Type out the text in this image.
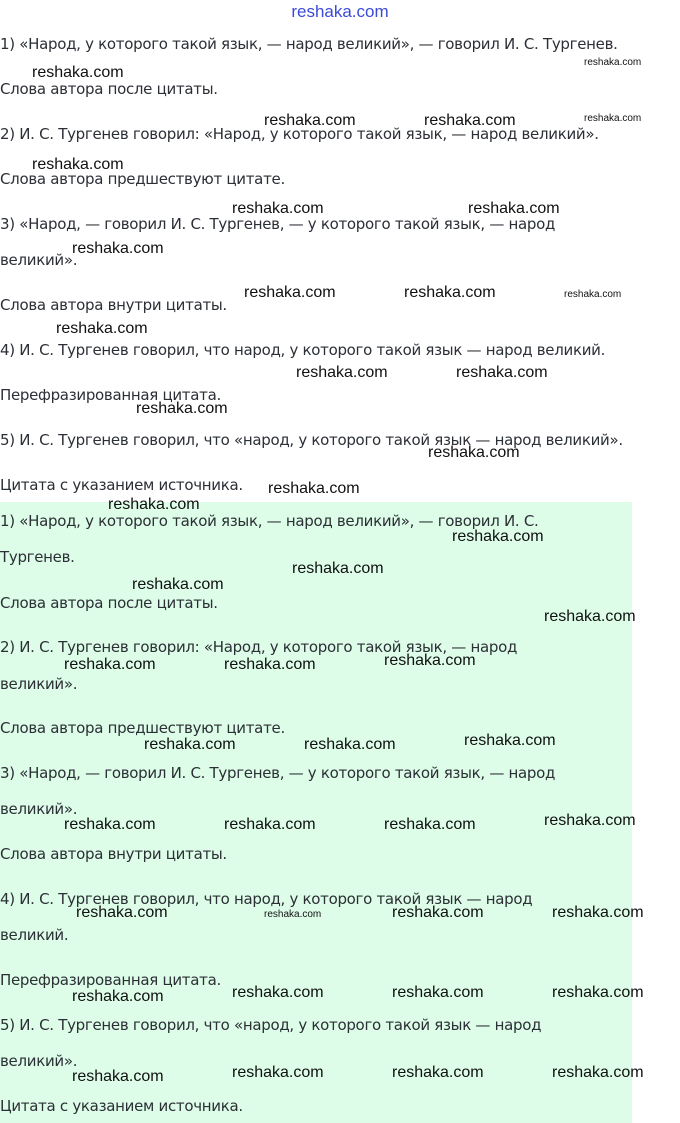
reshaka.com
1) «Народ, у которого такой язык, — народ великий», — говорил И. С. Тургенев.
Слова автора после цитаты.
2) И. С. Тургенев говорил: «Народ, у которого такой язык, — народ великий».
Слова автора предшествуют цитате.
3) «Народ, — говорил И. С. Тургенев, — у которого такой язык, — народ
великий».
Слова автора внутри цитаты.
4) И. С. Тургенев говорил, что народ, у которого такой язык — народ великий.
Перефразированная цитата.
5) И. С. Тургенев говорил, что «народ, у которого такой язык — народ великий».
Цитата с указанием источника.
1) «Народ, у которого такой язык, — народ великий», — говорил И. С.
Тургенев.
Слова автора после цитаты.
2) И. С. Тургенев говорил: «Народ, у которого такой язык, — народ
великий».
Слова автора предшествуют цитате.
3) «Народ, — говорил И. С. Тургенев, — у которого такой язык, — народ
великий».
Слова автора внутри цитаты.
4) И. С. Тургенев говорил, что народ, у которого такой язык — народ
великий.
Перефразированная цитата.
5) И. С. Тургенев говорил, что «народ, у которого такой язык — народ
великий».
Цитата с указанием источника.
reshaka.com
reshaka.com
reshaka.com	reshaka.com	reshaka.com
reshaka.com
reshaka.com	reshaka.com
reshaka.com
reshaka.com	reshaka.com	reshaka.com
reshaka.com
reshaka.com	reshaka.com
reshaka.com
reshaka.com
reshaka.com
reshaka.com
reshaka.com
reshaka.com
reshaka.com
reshaka.com
reshaka.com
reshaka.com	reshaka.com
reshaka.com
reshaka.com	reshaka.com
reshaka.com
reshaka.com	reshaka.com	reshaka.com
reshaka.com	reshaka.com	reshaka.com	reshaka.com
reshaka.com	reshaka.com	reshaka.com
reshaka.com
reshaka.com	reshaka.com	reshaka.com
reshaka.com
